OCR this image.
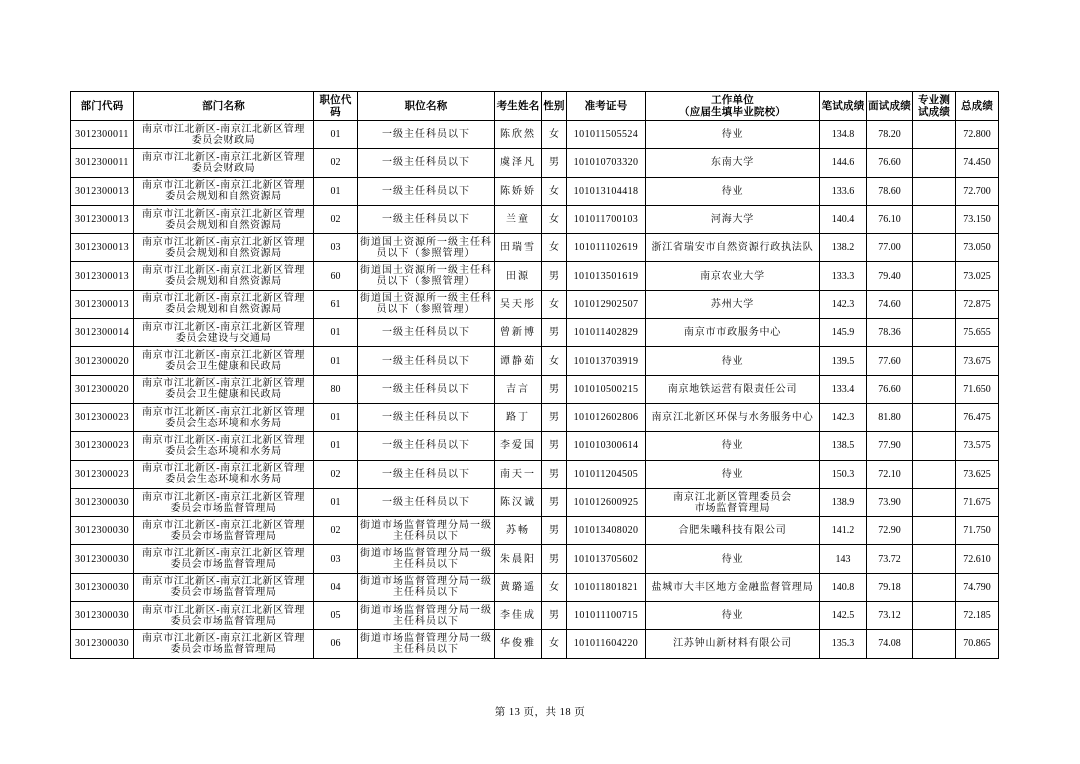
部门代码	部门名称	职位代码	职位名称	考生姓名	性别	准考证号	工作单位
（应届生填毕业院校）	笔试成绩	面试成绩	专业测
试成绩	总成绩
3012300011	南京市江北新区-南京江北新区管理
委员会财政局	01	一级主任科员以下	陈欣然	女	101011505524	待业	134.8	78.20		72.800
3012300011	南京市江北新区-南京江北新区管理
委员会财政局	02	一级主任科员以下	虞泽凡	男	101010703320	东南大学	144.6	76.60		74.450
3012300013	南京市江北新区-南京江北新区管理
委员会规划和自然资源局	01	一级主任科员以下	陈娇娇	女	101013104418	待业	133.6	78.60		72.700
3012300013	南京市江北新区-南京江北新区管理
委员会规划和自然资源局	02	一级主任科员以下	兰童	女	101011700103	河海大学	140.4	76.10		73.150
3012300013	南京市江北新区-南京江北新区管理
委员会规划和自然资源局	03	街道国土资源所一级主任科
员以下（参照管理）	田瑞雪	女	101011102619	浙江省瑞安市自然资源行政执法队	138.2	77.00		73.050
3012300013	南京市江北新区-南京江北新区管理
委员会规划和自然资源局	60	街道国土资源所一级主任科
员以下（参照管理）	田源	男	101013501619	南京农业大学	133.3	79.40		73.025
3012300013	南京市江北新区-南京江北新区管理
委员会规划和自然资源局	61	街道国土资源所一级主任科
员以下（参照管理）	吴天彤	女	101012902507	苏州大学	142.3	74.60		72.875
3012300014	南京市江北新区-南京江北新区管理
委员会建设与交通局	01	一级主任科员以下	曾新博	男	101011402829	南京市市政服务中心	145.9	78.36		75.655
3012300020	南京市江北新区-南京江北新区管理
委员会卫生健康和民政局	01	一级主任科员以下	谭静茹	女	101013703919	待业	139.5	77.60		73.675
3012300020	南京市江北新区-南京江北新区管理
委员会卫生健康和民政局	80	一级主任科员以下	吉言	男	101010500215	南京地铁运营有限责任公司	133.4	76.60		71.650
3012300023	南京市江北新区-南京江北新区管理
委员会生态环境和水务局	01	一级主任科员以下	路丁	男	101012602806	南京江北新区环保与水务服务中心	142.3	81.80		76.475
3012300023	南京市江北新区-南京江北新区管理
委员会生态环境和水务局	01	一级主任科员以下	李爱国	男	101010300614	待业	138.5	77.90		73.575
3012300023	南京市江北新区-南京江北新区管理
委员会生态环境和水务局	02	一级主任科员以下	南天一	男	101011204505	待业	150.3	72.10		73.625
3012300030	南京市江北新区-南京江北新区管理
委员会市场监督管理局	01	一级主任科员以下	陈汉诚	男	101012600925	南京江北新区管理委员会
市场监督管理局	138.9	73.90		71.675
3012300030	南京市江北新区-南京江北新区管理
委员会市场监督管理局	02	街道市场监督管理分局一级
主任科员以下	苏畅	男	101013408020	合肥朱曦科技有限公司	141.2	72.90		71.750
3012300030	南京市江北新区-南京江北新区管理
委员会市场监督管理局	03	街道市场监督管理分局一级
主任科员以下	朱晨阳	男	101013705602	待业	143	73.72		72.610
3012300030	南京市江北新区-南京江北新区管理
委员会市场监督管理局	04	街道市场监督管理分局一级
主任科员以下	黄璐遥	女	101011801821	盐城市大丰区地方金融监督管理局	140.8	79.18		74.790
3012300030	南京市江北新区-南京江北新区管理
委员会市场监督管理局	05	街道市场监督管理分局一级
主任科员以下	李佳成	男	101011100715	待业	142.5	73.12		72.185
3012300030	南京市江北新区-南京江北新区管理
委员会市场监督管理局	06	街道市场监督管理分局一级
主任科员以下	华俊雅	女	101011604220	江苏钟山新材料有限公司	135.3	74.08		70.865
第 13 页，共 18 页
